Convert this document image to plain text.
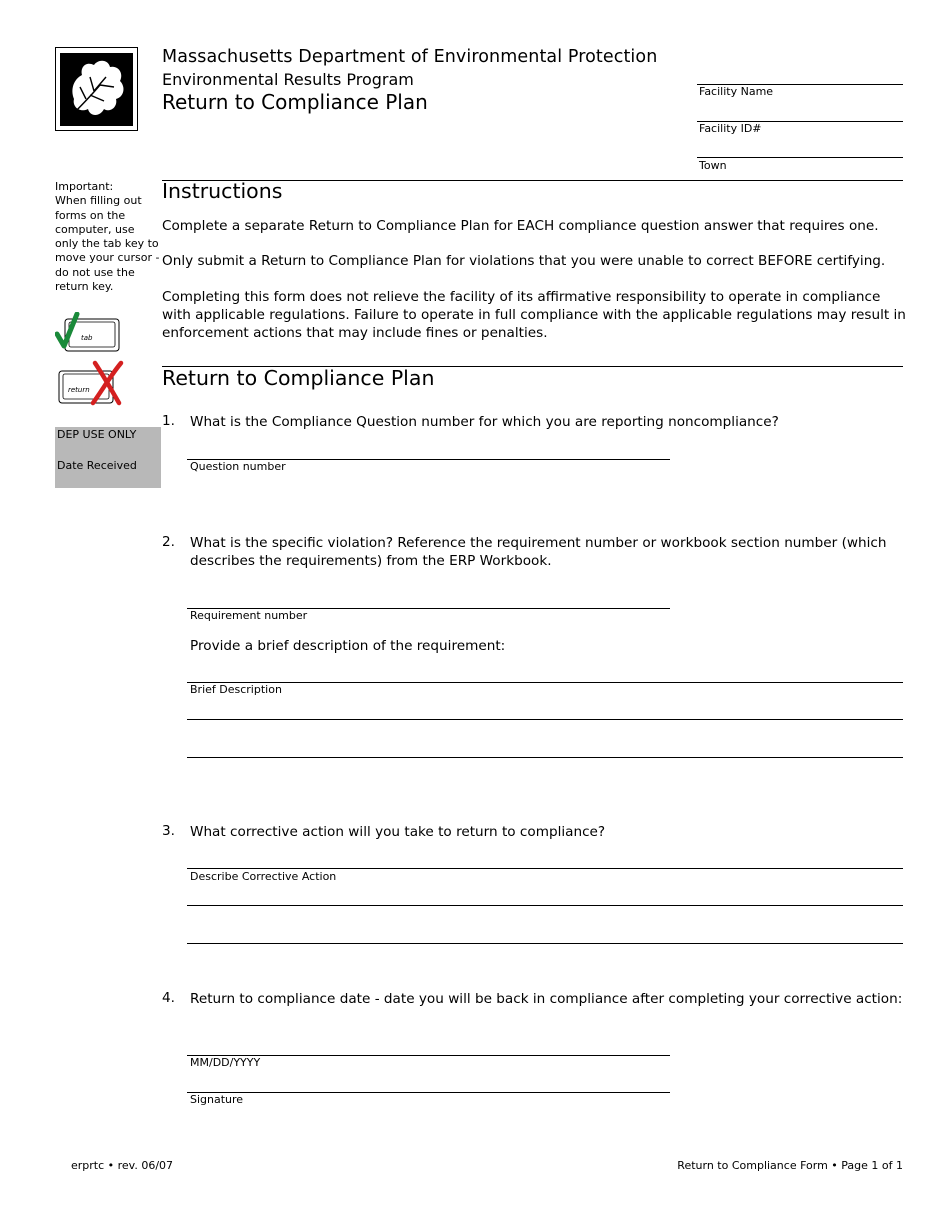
Massachusetts Department of Environmental Protection
Environmental Results Program
Return to Compliance Plan	Facility Name
Facility ID#
Town
Important:
When filling out forms on the computer, use only the tab key to move your cursor - do not use the return key.
tab
return
DEP USE ONLY
Date Received
Instructions
Complete a separate Return to Compliance Plan for EACH compliance question answer that requires one.
Only submit a Return to Compliance Plan for violations that you were unable to correct BEFORE certifying.
Completing this form does not relieve the facility of its affirmative responsibility to operate in compliance with applicable regulations. Failure to operate in full compliance with the applicable regulations may result in enforcement actions that may include fines or penalties.
Return to Compliance Plan
1. What is the Compliance Question number for which you are reporting noncompliance?
Question number
2. What is the specific violation? Reference the requirement number or workbook section number (which describes the requirements) from the ERP Workbook.
Requirement number
Provide a brief description of the requirement:
Brief Description
3. What corrective action will you take to return to compliance?
Describe Corrective Action
4. Return to compliance date - date you will be back in compliance after completing your corrective action:
MM/DD/YYYY
Signature
erprtc • rev. 06/07	Return to Compliance Form • Page 1 of 1
